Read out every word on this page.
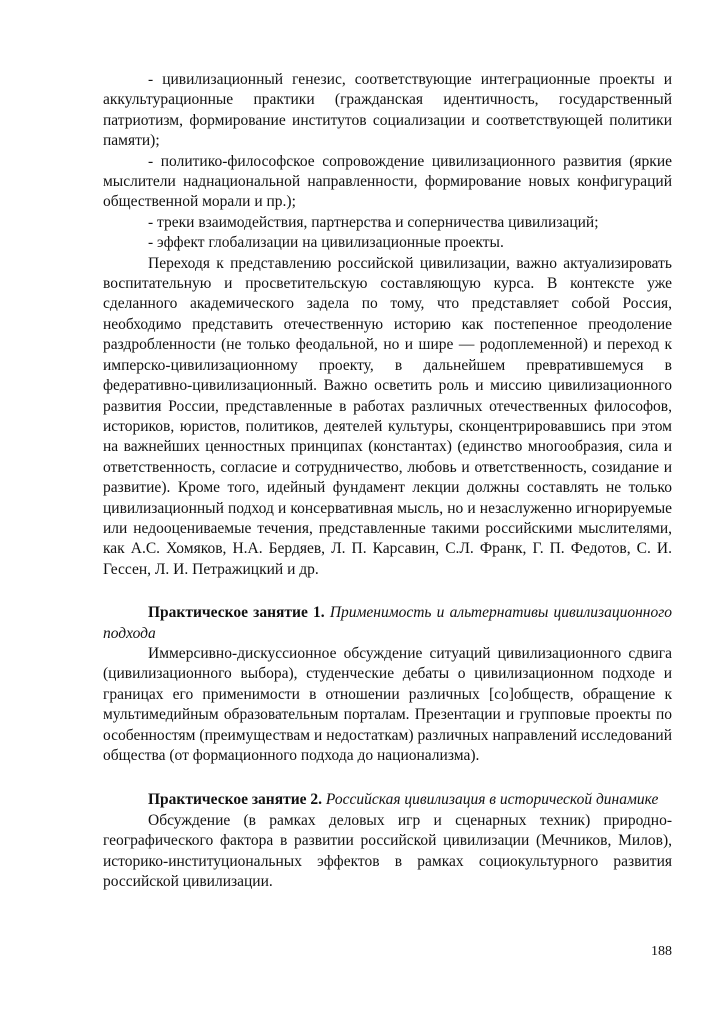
- цивилизационный генезис, соответствующие интеграционные проекты и аккультурационные практики (гражданская идентичность, государственный патриотизм, формирование институтов социализации и соответствующей политики памяти);

- политико-философское сопровождение цивилизационного развития (яркие мыслители наднациональной направленности, формирование новых конфигураций общественной морали и пр.);

- треки взаимодействия, партнерства и соперничества цивилизаций;

- эффект глобализации на цивилизационные проекты.

Переходя к представлению российской цивилизации, важно актуализировать воспитательную и просветительскую составляющую курса. В контексте уже сделанного академического задела по тому, что представляет собой Россия, необходимо представить отечественную историю как постепенное преодоление раздробленности (не только феодальной, но и шире — родоплеменной) и переход к имперско-цивилизационному проекту, в дальнейшем превратившемуся в федеративно-цивилизационный. Важно осветить роль и миссию цивилизационного развития России, представленные в работах различных отечественных философов, историков, юристов, политиков, деятелей культуры, сконцентрировавшись при этом на важнейших ценностных принципах (константах) (единство многообразия, сила и ответственность, согласие и сотрудничество, любовь и ответственность, созидание и развитие). Кроме того, идейный фундамент лекции должны составлять не только цивилизационный подход и консервативная мысль, но и незаслуженно игнорируемые или недооцениваемые течения, представленные такими российскими мыслителями, как А.С. Хомяков, Н.А. Бердяев, Л. П. Карсавин, С.Л. Франк, Г. П. Федотов, С. И. Гессен, Л. И. Петражицкий и др.

Практическое занятие 1. Применимость и альтернативы цивилизационного подхода

Иммерсивно-дискуссионное обсуждение ситуаций цивилизационного сдвига (цивилизационного выбора), студенческие дебаты о цивилизационном подходе и границах его применимости в отношении различных [со]обществ, обращение к мультимедийным образовательным порталам. Презентации и групповые проекты по особенностям (преимуществам и недостаткам) различных направлений исследований общества (от формационного подхода до национализма).

Практическое занятие 2. Российская цивилизация в исторической динамике

Обсуждение (в рамках деловых игр и сценарных техник) природно-географического фактора в развитии российской цивилизации (Мечников, Милов), историко-институциональных эффектов в рамках социокультурного развития российской цивилизации.

188
